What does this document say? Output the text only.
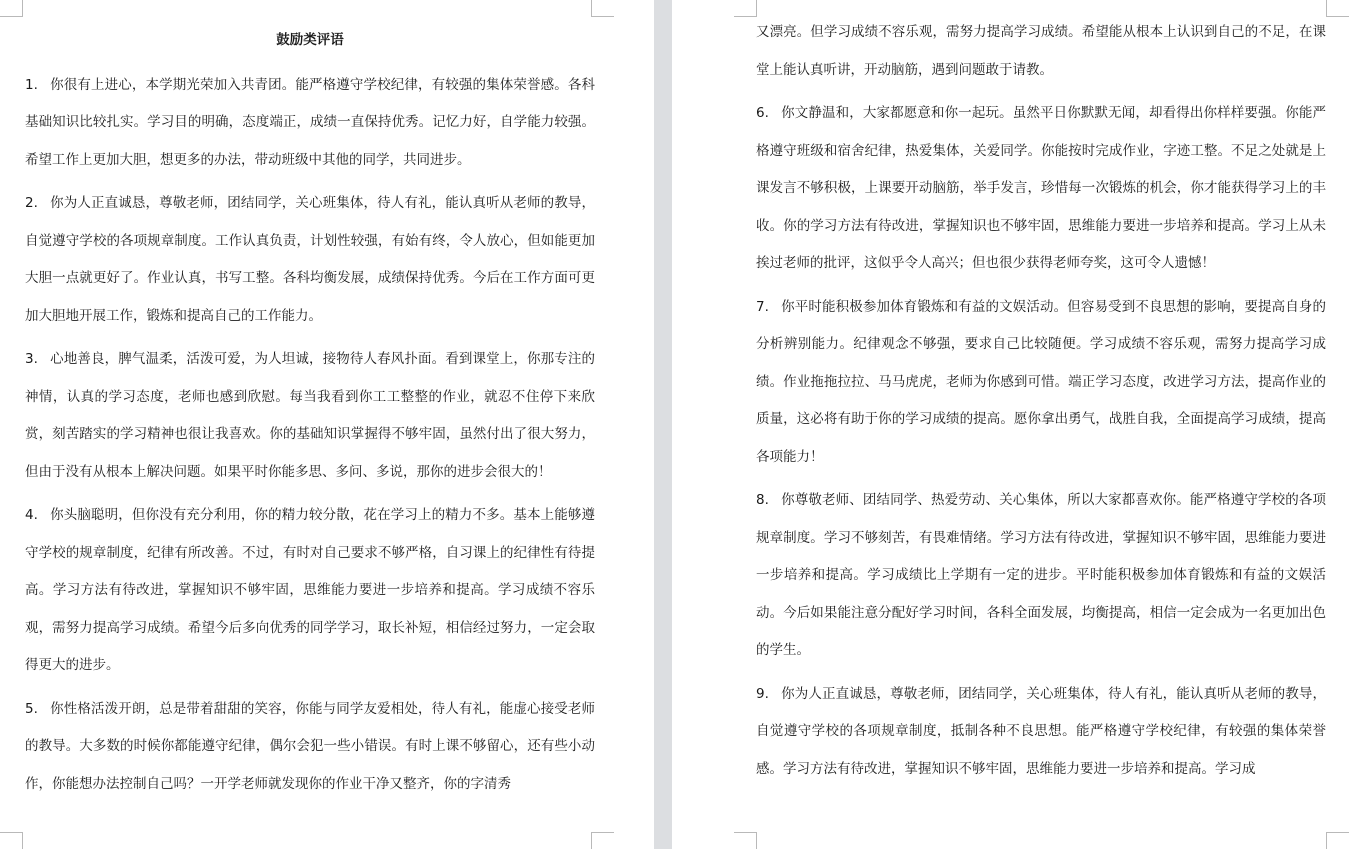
鼓励类评语

1. 你很有上进心，本学期光荣加入共青团。能严格遵守学校纪律，有较强的集体荣誉感。各科基础知识比较扎实。学习目的明确，态度端正，成绩一直保持优秀。记忆力好，自学能力较强。希望工作上更加大胆，想更多的办法，带动班级中其他的同学，共同进步。

2. 你为人正直诚恳，尊敬老师，团结同学，关心班集体，待人有礼，能认真听从老师的教导，自觉遵守学校的各项规章制度。工作认真负责，计划性较强，有始有终，令人放心，但如能更加大胆一点就更好了。作业认真，书写工整。各科均衡发展，成绩保持优秀。今后在工作方面可更加大胆地开展工作，锻炼和提高自己的工作能力。

3. 心地善良，脾气温柔，活泼可爱，为人坦诚，接物待人春风扑面。看到课堂上，你那专注的神情，认真的学习态度，老师也感到欣慰。每当我看到你工工整整的作业，就忍不住停下来欣赏，刻苦踏实的学习精神也很让我喜欢。你的基础知识掌握得不够牢固，虽然付出了很大努力，但由于没有从根本上解决问题。如果平时你能多思、多问、多说，那你的进步会很大的！

4. 你头脑聪明，但你没有充分利用，你的精力较分散，花在学习上的精力不多。基本上能够遵守学校的规章制度，纪律有所改善。不过，有时对自己要求不够严格，自习课上的纪律性有待提高。学习方法有待改进，掌握知识不够牢固，思维能力要进一步培养和提高。学习成绩不容乐观，需努力提高学习成绩。希望今后多向优秀的同学学习，取长补短，相信经过努力，一定会取得更大的进步。

5. 你性格活泼开朗，总是带着甜甜的笑容，你能与同学友爱相处，待人有礼，能虚心接受老师的教导。大多数的时候你都能遵守纪律，偶尔会犯一些小错误。有时上课不够留心，还有些小动作，你能想办法控制自己吗？一开学老师就发现你的作业干净又整齐，你的字清秀

又漂亮。但学习成绩不容乐观，需努力提高学习成绩。希望能从根本上认识到自己的不足，在课堂上能认真听讲，开动脑筋，遇到问题敢于请教。

6. 你文静温和，大家都愿意和你一起玩。虽然平日你默默无闻，却看得出你样样要强。你能严格遵守班级和宿舍纪律，热爱集体，关爱同学。你能按时完成作业，字迹工整。不足之处就是上课发言不够积极，上课要开动脑筋，举手发言，珍惜每一次锻炼的机会，你才能获得学习上的丰收。你的学习方法有待改进，掌握知识也不够牢固，思维能力要进一步培养和提高。学习上从未挨过老师的批评，这似乎令人高兴；但也很少获得老师夸奖，这可令人遗憾！

7. 你平时能积极参加体育锻炼和有益的文娱活动。但容易受到不良思想的影响，要提高自身的分析辨别能力。纪律观念不够强，要求自己比较随便。学习成绩不容乐观，需努力提高学习成绩。作业拖拖拉拉、马马虎虎，老师为你感到可惜。端正学习态度，改进学习方法，提高作业的质量，这必将有助于你的学习成绩的提高。愿你拿出勇气，战胜自我，全面提高学习成绩，提高各项能力！

8. 你尊敬老师、团结同学、热爱劳动、关心集体，所以大家都喜欢你。能严格遵守学校的各项规章制度。学习不够刻苦，有畏难情绪。学习方法有待改进，掌握知识不够牢固，思维能力要进一步培养和提高。学习成绩比上学期有一定的进步。平时能积极参加体育锻炼和有益的文娱活动。今后如果能注意分配好学习时间，各科全面发展，均衡提高，相信一定会成为一名更加出色的学生。

9. 你为人正直诚恳，尊敬老师，团结同学，关心班集体，待人有礼，能认真听从老师的教导，自觉遵守学校的各项规章制度，抵制各种不良思想。能严格遵守学校纪律，有较强的集体荣誉感。学习方法有待改进，掌握知识不够牢固，思维能力要进一步培养和提高。学习成
